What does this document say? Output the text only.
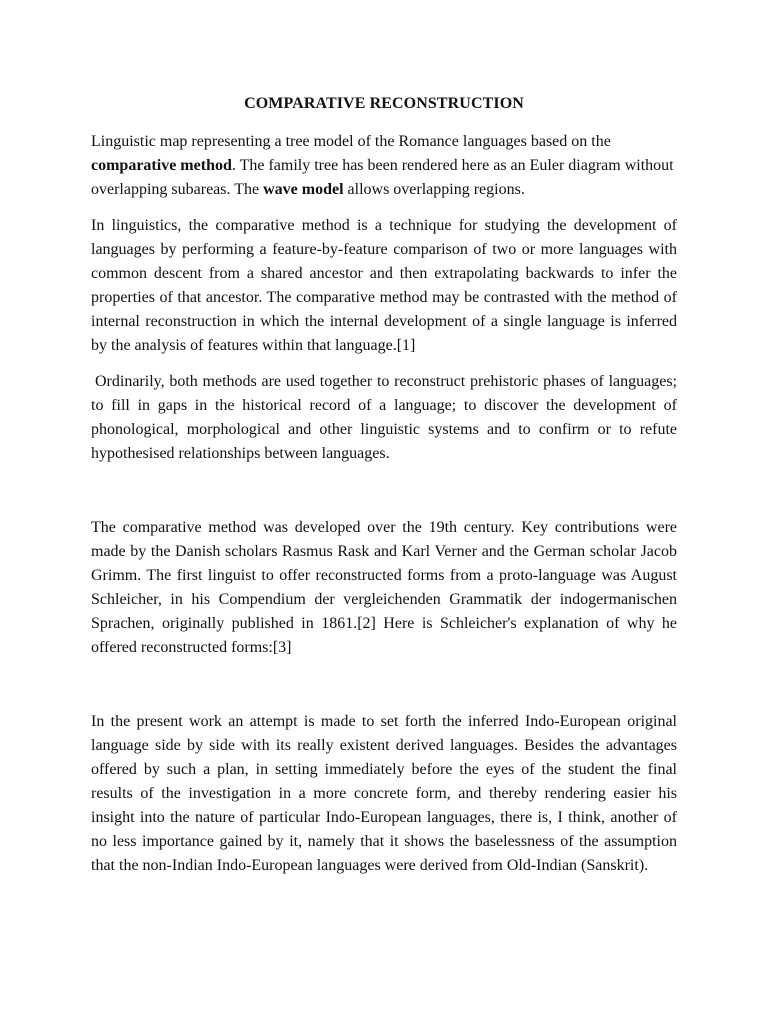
COMPARATIVE RECONSTRUCTION

Linguistic map representing a tree model of the Romance languages based on the comparative method. The family tree has been rendered here as an Euler diagram without overlapping subareas. The wave model allows overlapping regions.

In linguistics, the comparative method is a technique for studying the development of languages by performing a feature-by-feature comparison of two or more languages with common descent from a shared ancestor and then extrapolating backwards to infer the properties of that ancestor. The comparative method may be contrasted with the method of internal reconstruction in which the internal development of a single language is inferred by the analysis of features within that language.[1]

Ordinarily, both methods are used together to reconstruct prehistoric phases of languages; to fill in gaps in the historical record of a language; to discover the development of phonological, morphological and other linguistic systems and to confirm or to refute hypothesised relationships between languages.

The comparative method was developed over the 19th century. Key contributions were made by the Danish scholars Rasmus Rask and Karl Verner and the German scholar Jacob Grimm. The first linguist to offer reconstructed forms from a proto-language was August Schleicher, in his Compendium der vergleichenden Grammatik der indogermanischen Sprachen, originally published in 1861.[2] Here is Schleicher's explanation of why he offered reconstructed forms:[3]

In the present work an attempt is made to set forth the inferred Indo-European original language side by side with its really existent derived languages. Besides the advantages offered by such a plan, in setting immediately before the eyes of the student the final results of the investigation in a more concrete form, and thereby rendering easier his insight into the nature of particular Indo-European languages, there is, I think, another of no less importance gained by it, namely that it shows the baselessness of the assumption that the non-Indian Indo-European languages were derived from Old-Indian (Sanskrit).
